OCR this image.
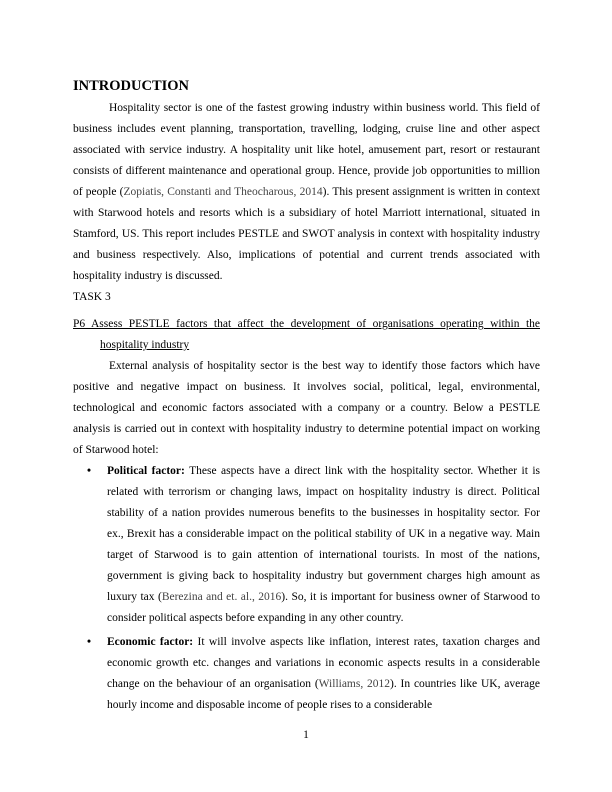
INTRODUCTION

Hospitality sector is one of the fastest growing industry within business world. This field of business includes event planning, transportation, travelling, lodging, cruise line and other aspect associated with service industry. A hospitality unit like hotel, amusement part, resort or restaurant consists of different maintenance and operational group. Hence, provide job opportunities to million of people (Zopiatis, Constanti and Theocharous, 2014). This present assignment is written in context with Starwood hotels and resorts which is a subsidiary of hotel Marriott international, situated in Stamford, US. This report includes PESTLE and SWOT analysis in context with hospitality industry and business respectively. Also, implications of potential and current trends associated with hospitality industry is discussed.

TASK 3

P6 Assess PESTLE factors that affect the development of organisations operating within the hospitality industry

External analysis of hospitality sector is the best way to identify those factors which have positive and negative impact on business. It involves social, political, legal, environmental, technological and economic factors associated with a company or a country. Below a PESTLE analysis is carried out in context with hospitality industry to determine potential impact on working of Starwood hotel:

• Political factor: These aspects have a direct link with the hospitality sector. Whether it is related with terrorism or changing laws, impact on hospitality industry is direct. Political stability of a nation provides numerous benefits to the businesses in hospitality sector. For ex., Brexit has a considerable impact on the political stability of UK in a negative way. Main target of Starwood is to gain attention of international tourists. In most of the nations, government is giving back to hospitality industry but government charges high amount as luxury tax (Berezina and et. al., 2016). So, it is important for business owner of Starwood to consider political aspects before expanding in any other country.
• Economic factor: It will involve aspects like inflation, interest rates, taxation charges and economic growth etc. changes and variations in economic aspects results in a considerable change on the behaviour of an organisation (Williams, 2012). In countries like UK, average hourly income and disposable income of people rises to a considerable
1
